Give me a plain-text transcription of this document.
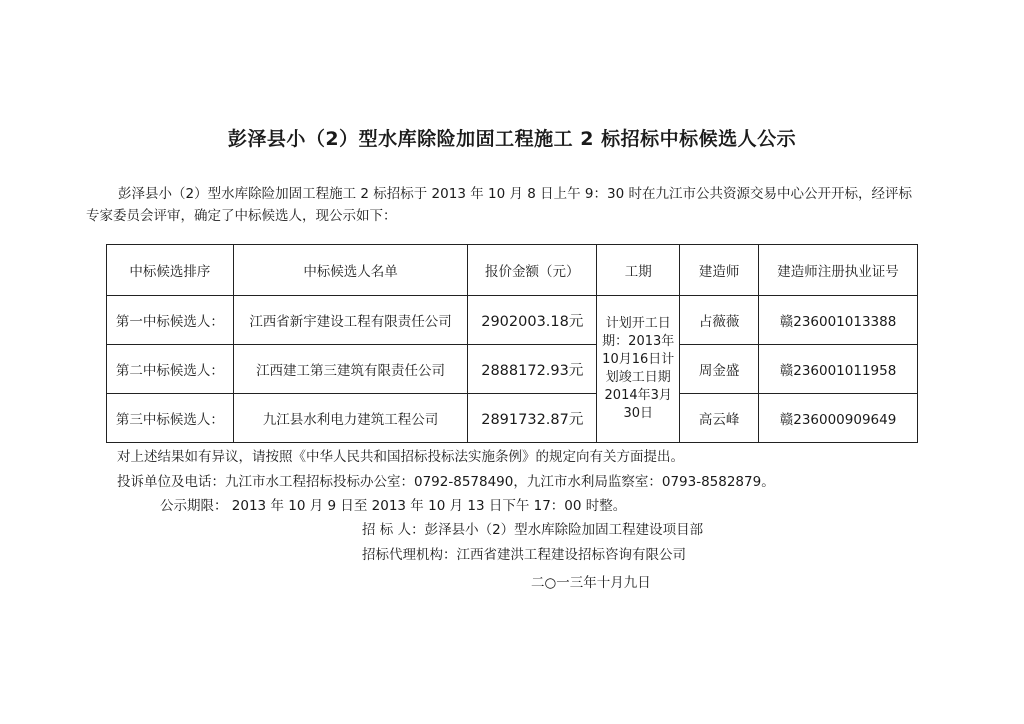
彭泽县小（2）型水库除险加固工程施工 2 标招标中标候选人公示
彭泽县小（2）型水库除险加固工程施工 2 标招标于 2013 年 10 月 8 日上午 9：30 时在九江市公共资源交易中心公开开标，经评标
专家委员会评审，确定了中标候选人，现公示如下：
中标候选排序	中标候选人名单	报价金额（元）	工期	建造师	建造师注册执业证号
第一中标候选人：	江西省新宇建设工程有限责任公司	2902003.18元	计划开工日期：2013年10月16日计划竣工日期 2014年3月30日	占薇薇	赣236001013388
第二中标候选人：	江西建工第三建筑有限责任公司	2888172.93元		周金盛	赣236001011958
第三中标候选人：	九江县水利电力建筑工程公司	2891732.87元		高云峰	赣236000909649
对上述结果如有异议，请按照《中华人民共和国招标投标法实施条例》的规定向有关方面提出。
投诉单位及电话：九江市水工程招标投标办公室：0792-8578490，九江市水利局监察室：0793-8582879。
公示期限： 2013 年 10 月 9 日至 2013 年 10 月 13 日下午 17：00 时整。
招 标 人：彭泽县小（2）型水库除险加固工程建设项目部
招标代理机构：江西省建洪工程建设招标咨询有限公司
二○一三年十月九日
